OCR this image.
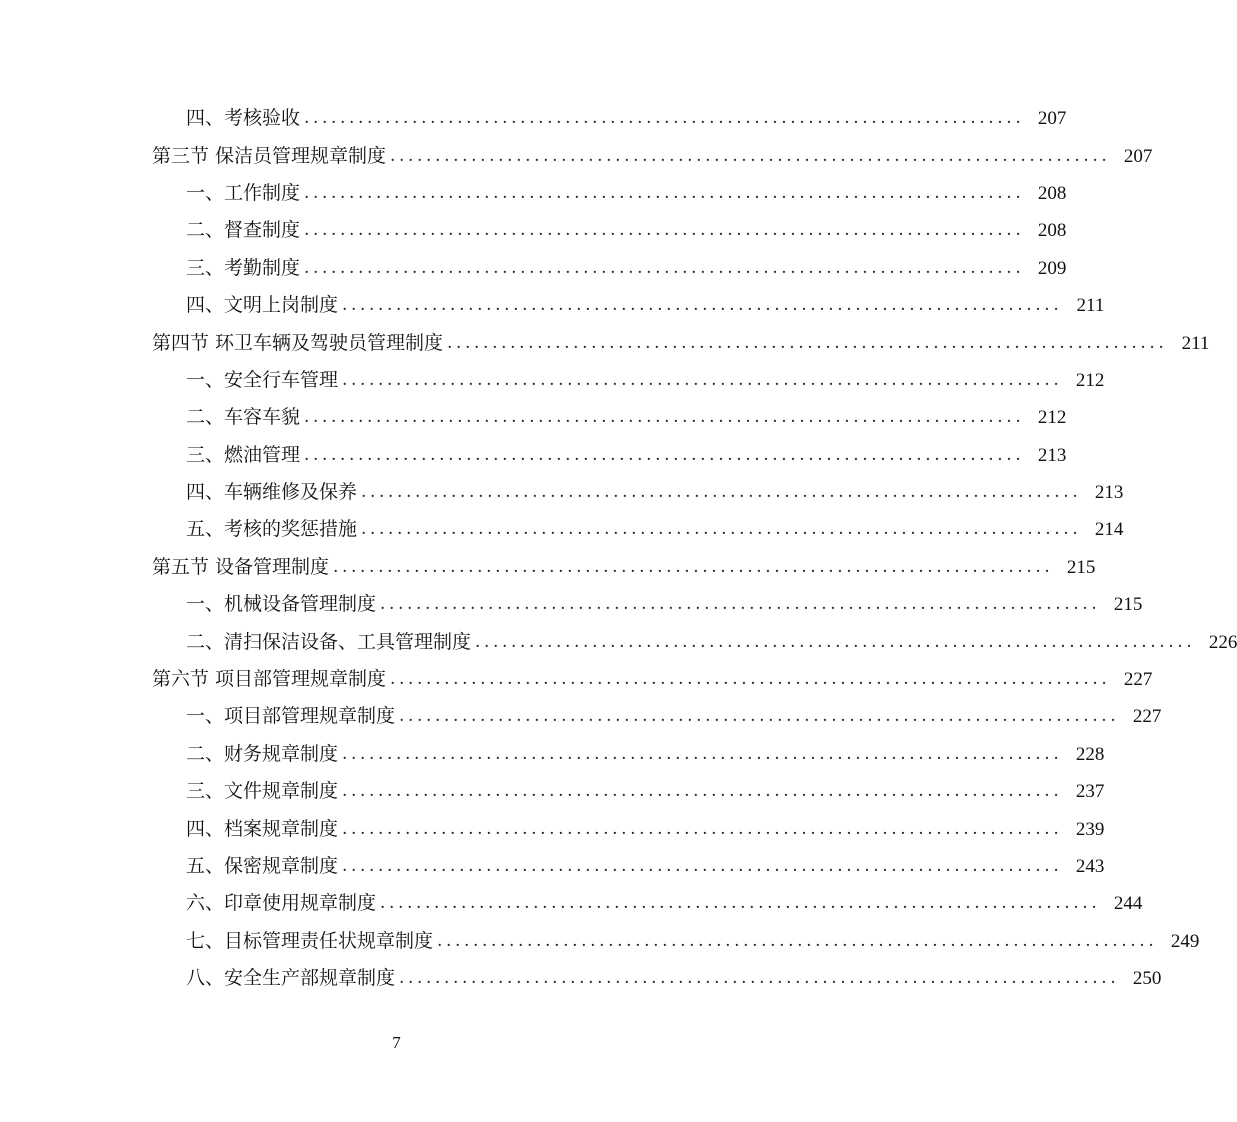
四、考核验收 ................................................................................ 207
第三节 保洁员管理规章制度 ................................................................................ 207
一、工作制度 ................................................................................ 208
二、督查制度 ................................................................................ 208
三、考勤制度 ................................................................................ 209
四、文明上岗制度 ................................................................................ 211
第四节 环卫车辆及驾驶员管理制度 ................................................................................ 211
一、安全行车管理 ................................................................................ 212
二、车容车貌 ................................................................................ 212
三、燃油管理 ................................................................................ 213
四、车辆维修及保养 ................................................................................ 213
五、考核的奖惩措施 ................................................................................ 214
第五节 设备管理制度 ................................................................................ 215
一、机械设备管理制度 ................................................................................ 215
二、清扫保洁设备、工具管理制度 ................................................................................ 226
第六节 项目部管理规章制度 ................................................................................ 227
一、项目部管理规章制度 ................................................................................ 227
二、财务规章制度 ................................................................................ 228
三、文件规章制度 ................................................................................ 237
四、档案规章制度 ................................................................................ 239
五、保密规章制度 ................................................................................ 243
六、印章使用规章制度 ................................................................................ 244
七、目标管理责任状规章制度 ................................................................................ 249
八、安全生产部规章制度 ................................................................................ 250
7
